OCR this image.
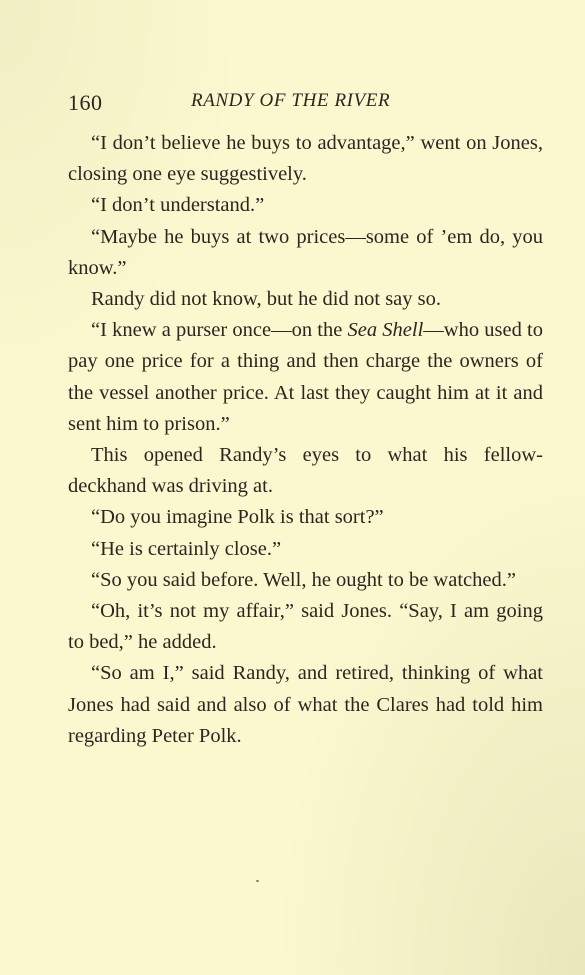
160	RANDY OF THE RIVER

“I don’t believe he buys to advantage,” went on Jones, closing one eye suggestively.

“I don’t understand.”

“Maybe he buys at two prices—some of ’em do, you know.”

Randy did not know, but he did not say so.

“I knew a purser once—on the Sea Shell—who used to pay one price for a thing and then charge the owners of the vessel another price. At last they caught him at it and sent him to prison.”

This opened Randy’s eyes to what his fellow-deckhand was driving at.

“Do you imagine Polk is that sort?”

“He is certainly close.”

“So you said before. Well, he ought to be watched.”

“Oh, it’s not my affair,” said Jones. “Say, I am going to bed,” he added.

“So am I,” said Randy, and retired, thinking of what Jones had said and also of what the Clares had told him regarding Peter Polk.
